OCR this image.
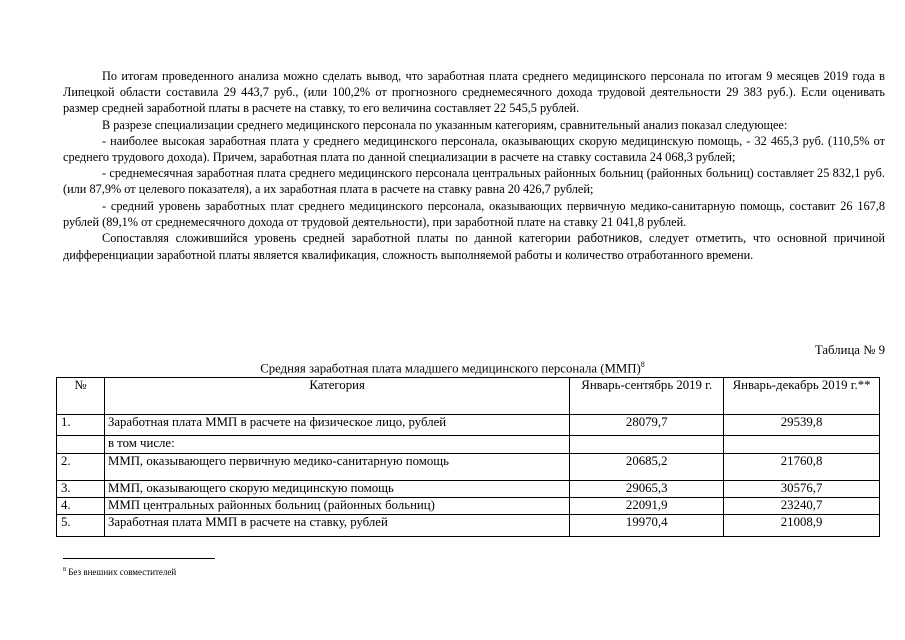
По итогам проведенного анализа можно сделать вывод, что заработная плата среднего медицинского персонала по итогам 9 месяцев 2019 года в Липецкой области составила 29 443,7 руб., (или 100,2% от прогнозного среднемесячного дохода трудовой деятельности 29 383 руб.). Если оценивать размер средней заработной платы в расчете на ставку, то его величина составляет 22 545,5 рублей.

В разрезе специализации среднего медицинского персонала по указанным категориям, сравнительный анализ показал следующее:

- наиболее высокая заработная плата у среднего медицинского персонала, оказывающих скорую медицинскую помощь, - 32 465,3 руб. (110,5% от среднего трудового дохода). Причем, заработная плата по данной специализации в расчете на ставку составила 24 068,3 рублей;

- среднемесячная заработная плата среднего медицинского персонала центральных районных больниц (районных больниц) составляет 25 832,1 руб. (или 87,9% от целевого показателя), а их заработная плата в расчете на ставку равна 20 426,7 рублей;

- средний уровень заработных плат среднего медицинского персонала, оказывающих первичную медико-санитарную помощь, составит 26 167,8 рублей (89,1% от среднемесячного дохода от трудовой деятельности), при заработной плате на ставку 21 041,8 рублей.

Сопоставляя сложившийся уровень средней заработной платы по данной категории работников, следует отметить, что основной причиной дифференциации заработной платы является квалификация, сложность выполняемой работы и количество отработанного времени.

Таблица № 9
Средняя заработная плата младшего медицинского персонала (ММП)$^8$
№	Категория	Январь-сентябрь 2019 г.	Январь-декабрь 2019 г.**
1.	Заработная плата ММП в расчете на физическое лицо, рублей	28079,7	29539,8
	в том числе:		
2.	ММП, оказывающего первичную медико-санитарную помощь	20685,2	21760,8
3.	ММП, оказывающего скорую медицинскую помощь	29065,3	30576,7
4.	ММП центральных районных больниц (районных больниц)	22091,9	23240,7
5.	Заработная плата ММП в расчете на ставку, рублей	19970,4	21008,9
$^8$ Без внешних совместителей
